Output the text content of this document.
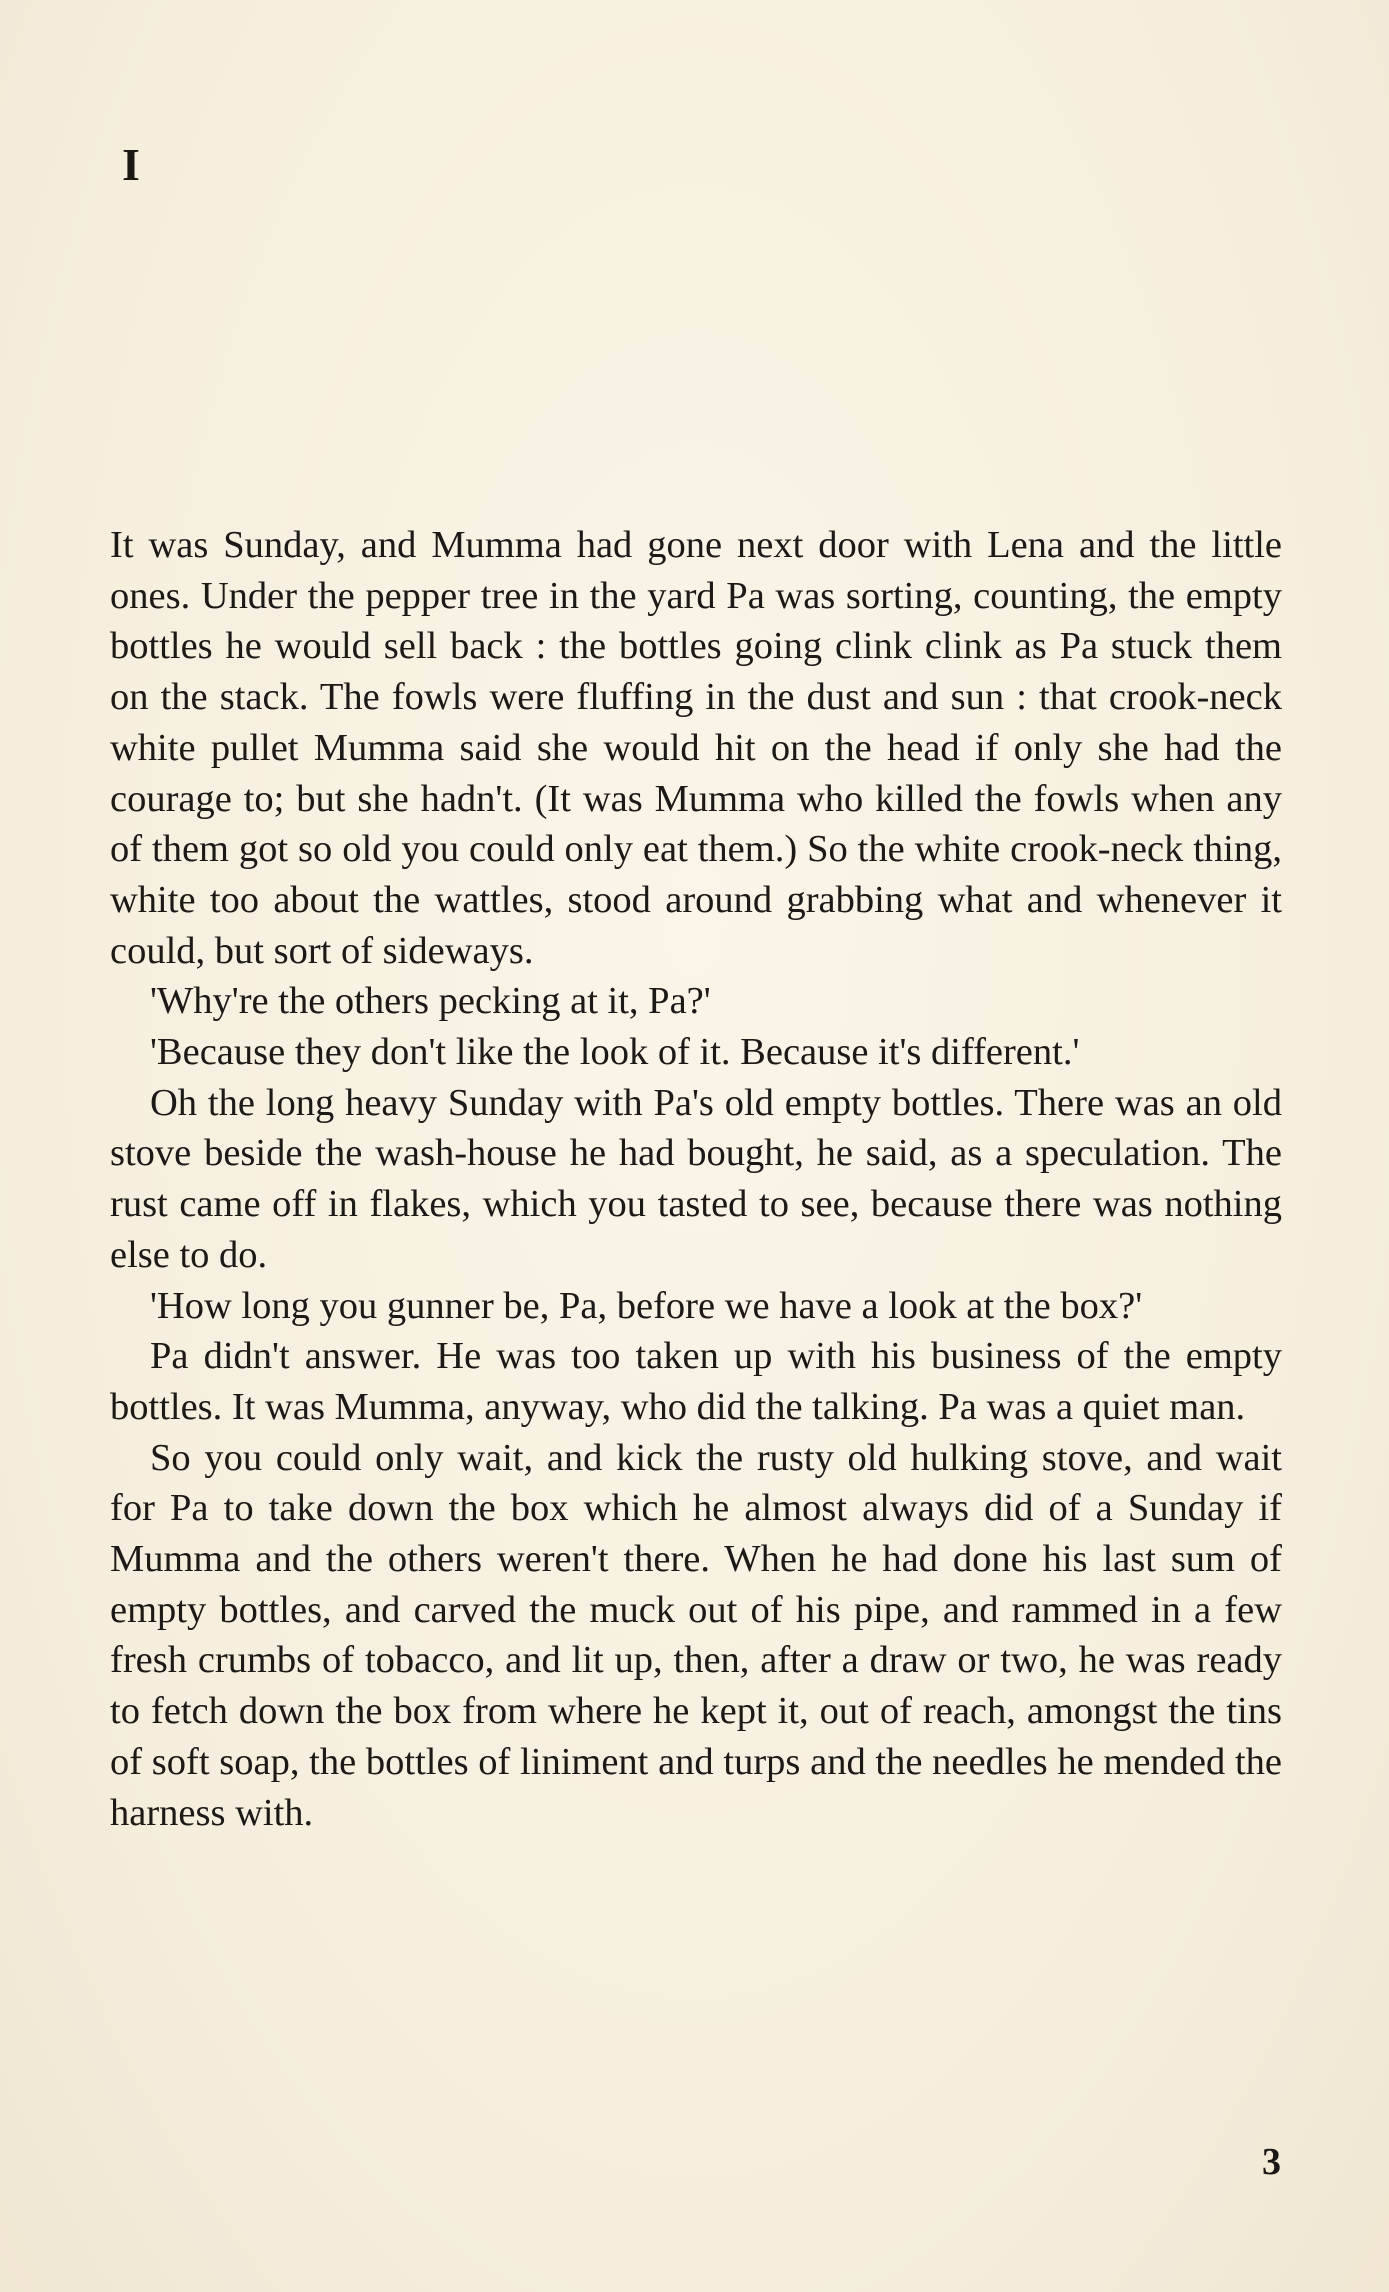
I

It was Sunday, and Mumma had gone next door with Lena and the little ones. Under the pepper tree in the yard Pa was sorting, counting, the empty bottles he would sell back : the bottles going clink clink as Pa stuck them on the stack. The fowls were fluffing in the dust and sun : that crook-neck white pullet Mumma said she would hit on the head if only she had the courage to; but she hadn't. (It was Mumma who killed the fowls when any of them got so old you could only eat them.) So the white crook-neck thing, white too about the wattles, stood around grabbing what and whenever it could, but sort of sideways.

'Why're the others pecking at it, Pa?'

'Because they don't like the look of it. Because it's different.'

Oh the long heavy Sunday with Pa's old empty bottles. There was an old stove beside the wash-house he had bought, he said, as a speculation. The rust came off in flakes, which you tasted to see, because there was nothing else to do.

'How long you gunner be, Pa, before we have a look at the box?'

Pa didn't answer. He was too taken up with his business of the empty bottles. It was Mumma, anyway, who did the talking. Pa was a quiet man.

So you could only wait, and kick the rusty old hulking stove, and wait for Pa to take down the box which he almost always did of a Sunday if Mumma and the others weren't there. When he had done his last sum of empty bottles, and carved the muck out of his pipe, and rammed in a few fresh crumbs of tobacco, and lit up, then, after a draw or two, he was ready to fetch down the box from where he kept it, out of reach, amongst the tins of soft soap, the bottles of liniment and turps and the needles he mended the harness with.

3
